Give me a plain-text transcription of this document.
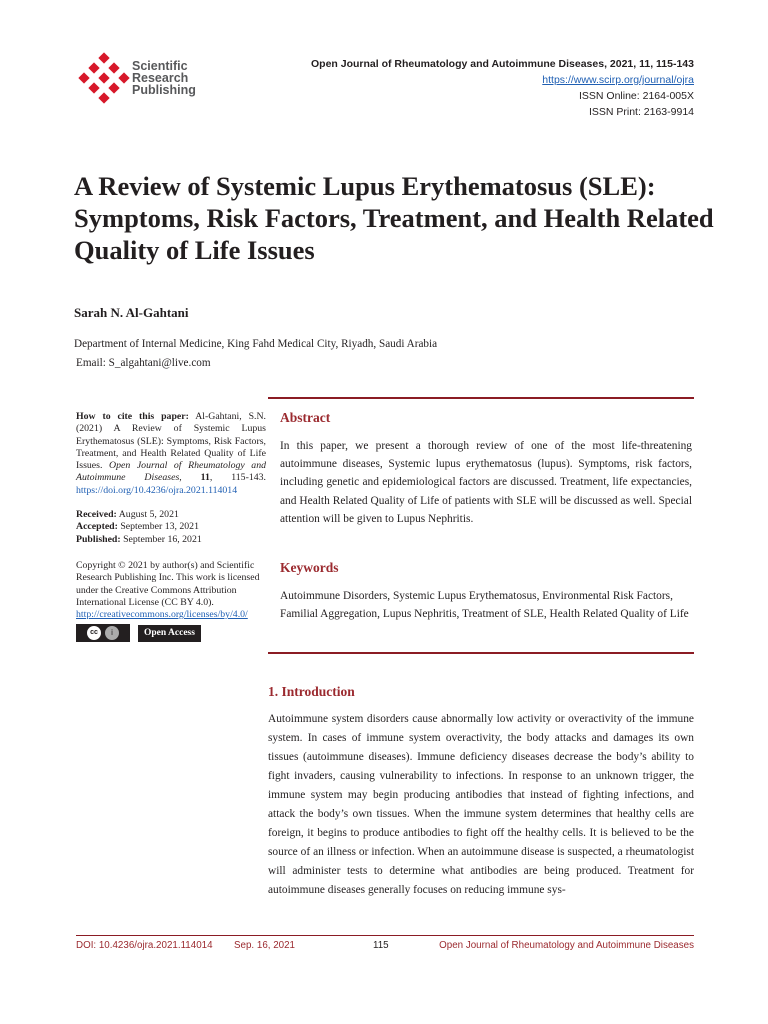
Scientific
Research
Publishing
Open Journal of Rheumatology and Autoimmune Diseases, 2021, 11, 115-143
https://www.scirp.org/journal/ojra
ISSN Online: 2164-005X
ISSN Print: 2163-9914
A Review of Systemic Lupus Erythematosus (SLE): Symptoms, Risk Factors, Treatment, and Health Related Quality of Life Issues
Sarah N. Al-Gahtani
Department of Internal Medicine, King Fahd Medical City, Riyadh, Saudi Arabia
Email: S_algahtani@live.com

How to cite this paper: Al-Gahtani, S.N. (2021) A Review of Systemic Lupus Erythematosus (SLE): Symptoms, Risk Factors, Treatment, and Health Related Quality of Life Issues. Open Journal of Rheumatology and Autoimmune Diseases, 11, 115-143. https://doi.org/10.4236/ojra.2021.114014

Received: August 5, 2021
Accepted: September 13, 2021
Published: September 16, 2021

Copyright © 2021 by author(s) and Scientific Research Publishing Inc. This work is licensed under the Creative Commons Attribution International License (CC BY 4.0).

http://creativecommons.org/licenses/by/4.0/

cc	i	Open Access
Abstract
In this paper, we present a thorough review of one of the most life-threatening autoimmune diseases, Systemic lupus erythematosus (lupus). Symptoms, risk factors, including genetic and epidemiological factors are discussed. Treatment, life expectancies, and Health Related Quality of Life of patients with SLE will be discussed as well. Special attention will be given to Lupus Nephritis.
Keywords
Autoimmune Disorders, Systemic Lupus Erythematosus, Environmental Risk Factors, Familial Aggregation, Lupus Nephritis, Treatment of SLE, Health Related Quality of Life
1. Introduction
Autoimmune system disorders cause abnormally low activity or overactivity of the immune system. In cases of immune system overactivity, the body attacks and damages its own tissues (autoimmune diseases). Immune deficiency diseases decrease the body’s ability to fight invaders, causing vulnerability to infections. In response to an unknown trigger, the immune system may begin producing antibodies that instead of fighting infections, and attack the body’s own tissues. When the immune system determines that healthy cells are foreign, it begins to produce antibodies to fight off the healthy cells. It is believed to be the source of an illness or infection. When an autoimmune disease is suspected, a rheumatologist will administer tests to determine what antibodies are being produced. Treatment for autoimmune diseases generally focuses on reducing immune sys-
DOI: 10.4236/ojra.2021.114014 Sep. 16, 2021	115	Open Journal of Rheumatology and Autoimmune Diseases
